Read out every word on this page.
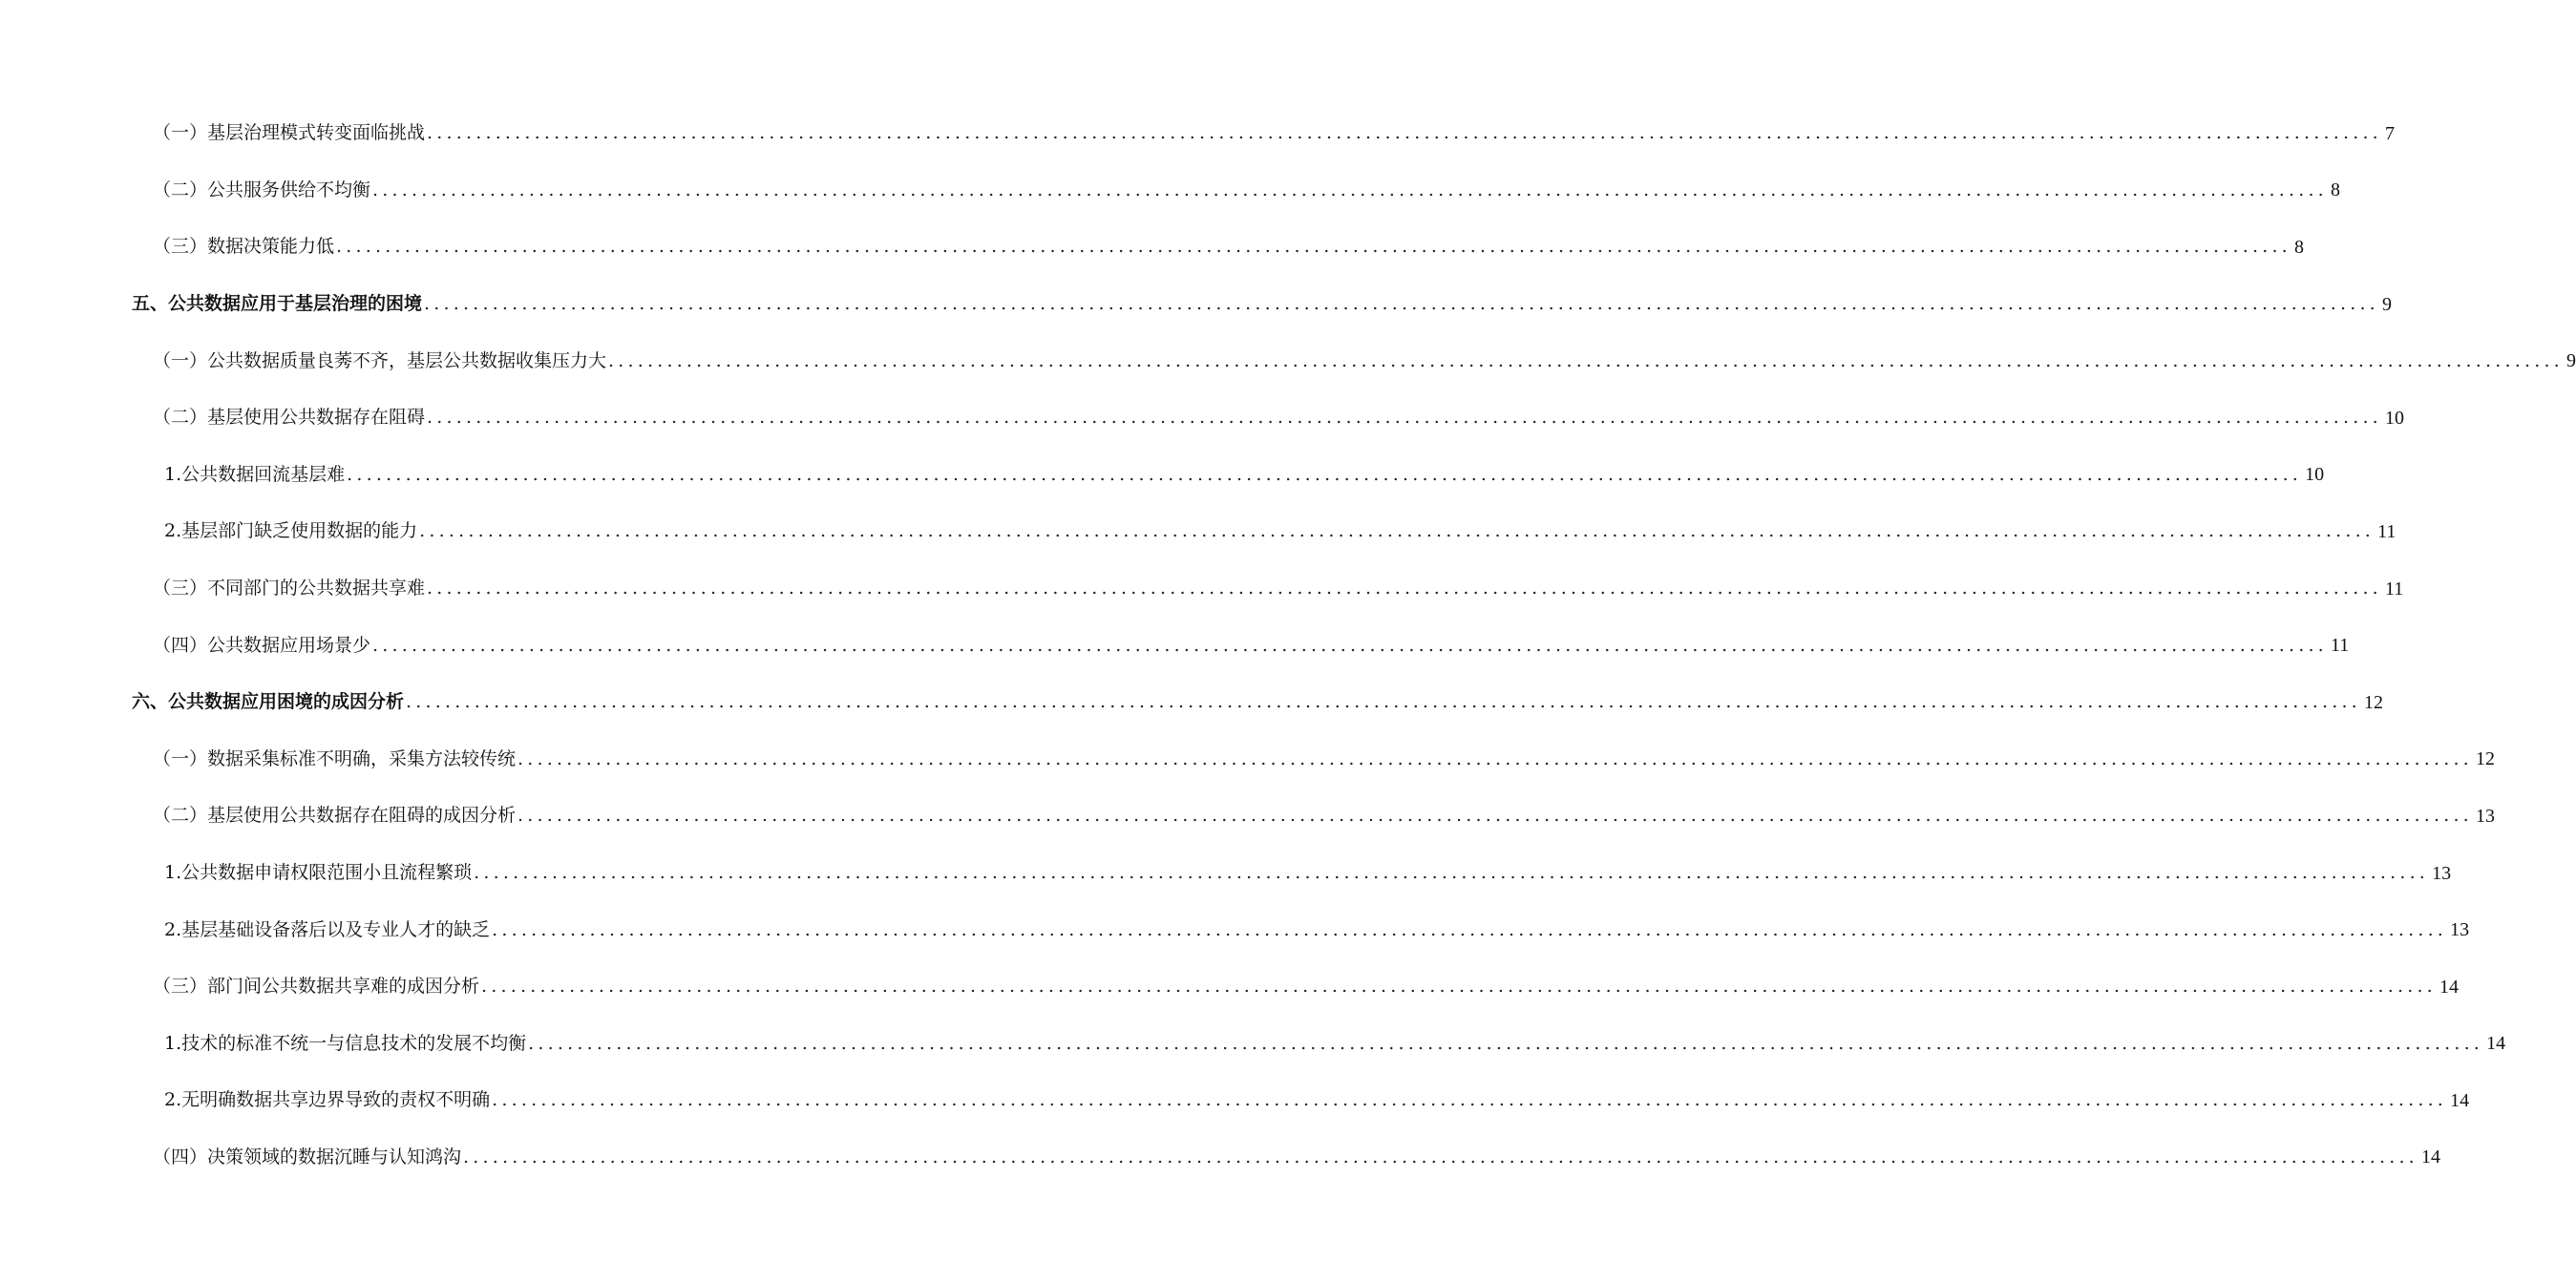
（一）基层治理模式转变面临挑战 ........................................................................................................................................................................................................ 7
（二）公共服务供给不均衡 ........................................................................................................................................................................................................ 8
（三）数据决策能力低 ........................................................................................................................................................................................................ 8
五、公共数据应用于基层治理的困境 ........................................................................................................................................................................................................ 9
（一）公共数据质量良莠不齐，基层公共数据收集压力大 ........................................................................................................................................................................................................ 9
（二）基层使用公共数据存在阻碍 ........................................................................................................................................................................................................ 10
1.公共数据回流基层难 ........................................................................................................................................................................................................ 10
2.基层部门缺乏使用数据的能力 ........................................................................................................................................................................................................ 11
（三）不同部门的公共数据共享难 ........................................................................................................................................................................................................ 11
（四）公共数据应用场景少 ........................................................................................................................................................................................................ 11
六、公共数据应用困境的成因分析 ........................................................................................................................................................................................................ 12
（一）数据采集标准不明确，采集方法较传统 ........................................................................................................................................................................................................ 12
（二）基层使用公共数据存在阻碍的成因分析 ........................................................................................................................................................................................................ 13
1.公共数据申请权限范围小且流程繁琐 ........................................................................................................................................................................................................ 13
2.基层基础设备落后以及专业人才的缺乏 ........................................................................................................................................................................................................ 13
（三）部门间公共数据共享难的成因分析 ........................................................................................................................................................................................................ 14
1.技术的标准不统一与信息技术的发展不均衡 ........................................................................................................................................................................................................ 14
2.无明确数据共享边界导致的责权不明确 ........................................................................................................................................................................................................ 14
（四）决策领域的数据沉睡与认知鸿沟 ........................................................................................................................................................................................................ 14
